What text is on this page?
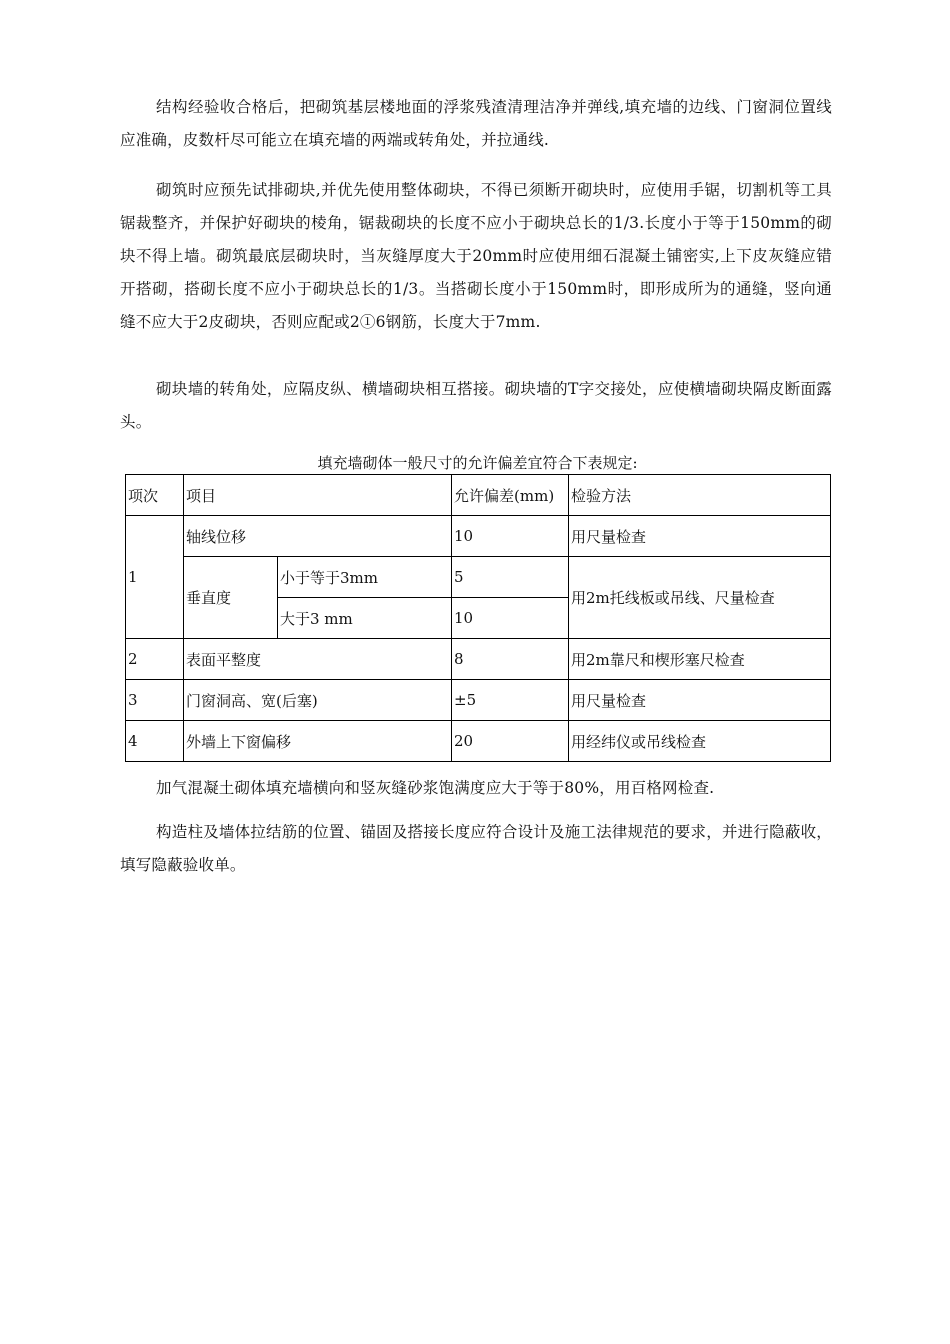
结构经验收合格后，把砌筑基层楼地面的浮浆残渣清理洁净并弹线,填充墙的边线、门窗洞位置线应准确，皮数杆尽可能立在填充墙的两端或转角处，并拉通线.

砌筑时应预先试排砌块,并优先使用整体砌块，不得已须断开砌块时，应使用手锯，切割机等工具锯裁整齐，并保护好砌块的棱角，锯裁砌块的长度不应小于砌块总长的1/3.长度小于等于150mm的砌块不得上墙。砌筑最底层砌块时，当灰缝厚度大于20mm时应使用细石混凝土铺密实,上下皮灰缝应错开搭砌，搭砌长度不应小于砌块总长的1/3。当搭砌长度小于150mm时，即形成所为的通缝，竖向通缝不应大于2皮砌块，否则应配或2①6钢筋，长度大于7mm.

砌块墙的转角处，应隔皮纵、横墙砌块相互搭接。砌块墙的T字交接处，应使横墙砌块隔皮断面露头。

填充墙砌体一般尺寸的允许偏差宜符合下表规定:

项次	项目		允许偏差(mm)	检验方法
1	轴线位移		10	用尺量检查
	垂直度	小于等于3mm	5	用2m托线板或吊线、尺量检查
		大于3 mm	10	
2	表面平整度		8	用2m靠尺和楔形塞尺检查
3	门窗洞高、宽(后塞)		±5	用尺量检查
4	外墙上下窗偏移		20	用经纬仪或吊线检查

加气混凝土砌体填充墙横向和竖灰缝砂浆饱满度应大于等于80%，用百格网检查.

构造柱及墙体拉结筋的位置、锚固及搭接长度应符合设计及施工法律规范的要求，并进行隐蔽收，填写隐蔽验收单。
